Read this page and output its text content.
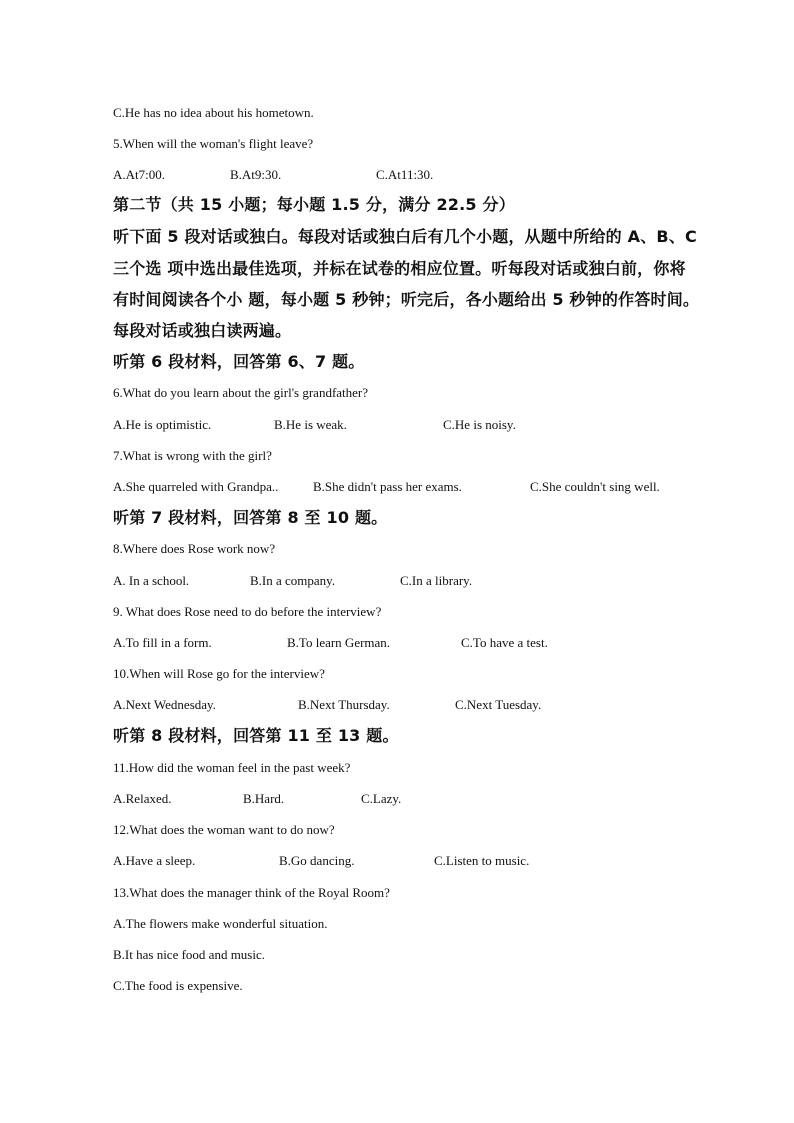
C.He has no idea about his hometown.
5.When will the woman's flight leave?
A.At7:00.	B.At9:30.	C.At11:30.
第二节（共 15 小题；每小题 1.5 分，满分 22.5 分）
听下面 5 段对话或独白。每段对话或独白后有几个小题，从题中所给的 A、B、C
三个选 项中选出最佳选项，并标在试卷的相应位置。听每段对话或独白前，你将
有时间阅读各个小 题，每小题 5 秒钟；听完后，各小题给出 5 秒钟的作答时间。
每段对话或独白读两遍。
听第 6 段材料，回答第 6、7 题。
6.What do you learn about the girl's grandfather?
A.He is optimistic.	B.He is weak.	C.He is noisy.
7.What is wrong with the girl?
A.She quarreled with Grandpa..	B.She didn't pass her exams.	C.She couldn't sing well.
听第 7 段材料，回答第 8 至 10 题。
8.Where does Rose work now?
A. In a school.	B.In a company.	C.In a library.
9. What does Rose need to do before the interview?
A.To fill in a form.	B.To learn German.	C.To have a test.
10.When will Rose go for the interview?
A.Next Wednesday.	B.Next Thursday.	C.Next Tuesday.
听第 8 段材料，回答第 11 至 13 题。
11.How did the woman feel in the past week?
A.Relaxed.	B.Hard.	C.Lazy.
12.What does the woman want to do now?
A.Have a sleep.	B.Go dancing.	C.Listen to music.
13.What does the manager think of the Royal Room?
A.The flowers make wonderful situation.
B.It has nice food and music.
C.The food is expensive.
